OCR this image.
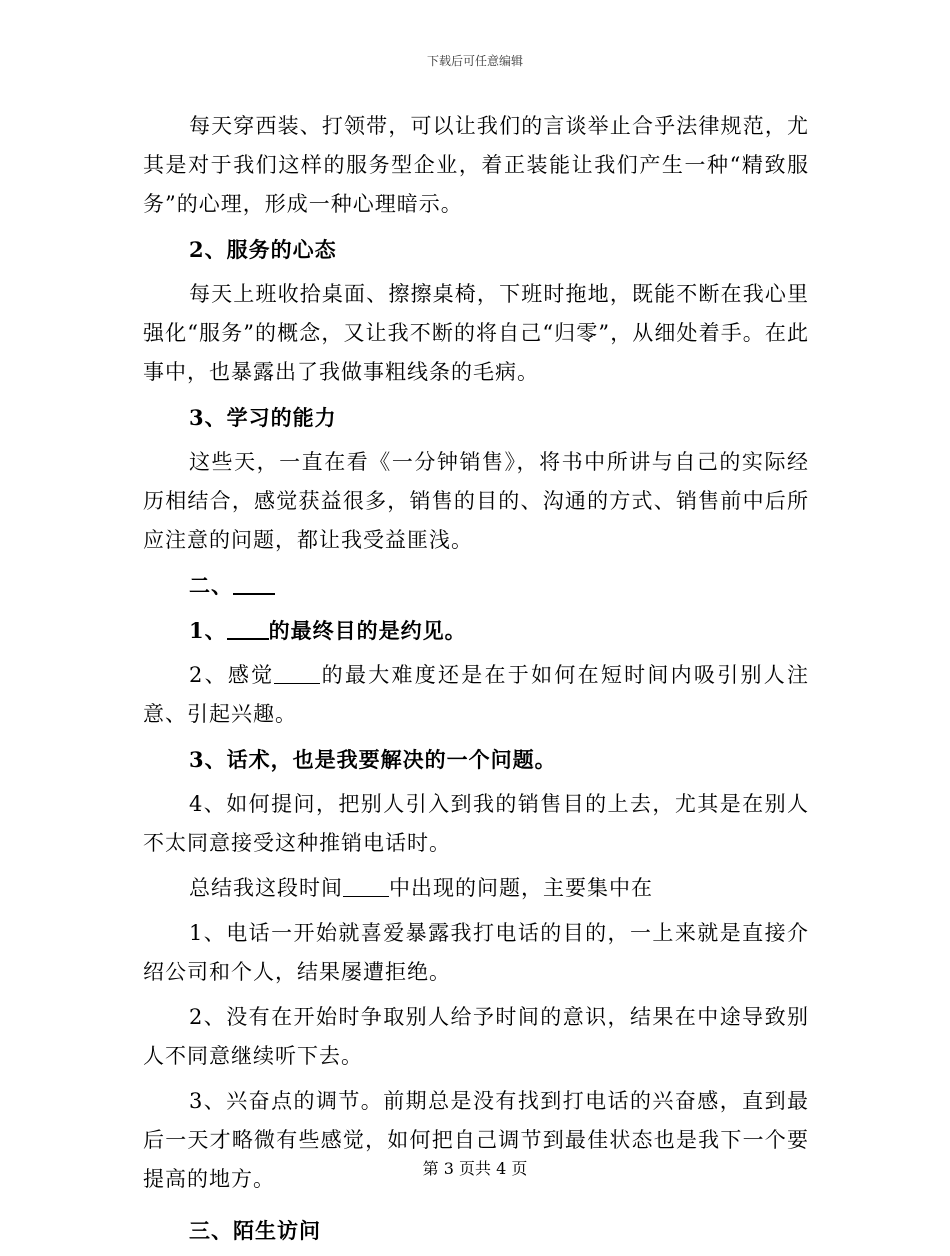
下载后可任意编辑

每天穿西装、打领带，可以让我们的言谈举止合乎法律规范，尤其是对于我们这样的服务型企业，着正装能让我们产生一种“精致服务”的心理，形成一种心理暗示。

2、服务的心态

每天上班收拾桌面、擦擦桌椅，下班时拖地，既能不断在我心里强化“服务”的概念，又让我不断的将自己“归零”，从细处着手。在此事中，也暴露出了我做事粗线条的毛病。

3、学习的能力

这些天，一直在看《一分钟销售》，将书中所讲与自己的实际经历相结合，感觉获益很多，销售的目的、沟通的方式、销售前中后所应注意的问题，都让我受益匪浅。

二、

1、 的最终目的是约见。

2、感觉 的最大难度还是在于如何在短时间内吸引别人注意、引起兴趣。

3、话术，也是我要解决的一个问题。

4、如何提问，把别人引入到我的销售目的上去，尤其是在别人不太同意接受这种推销电话时。

总结我这段时间 中出现的问题，主要集中在

1、电话一开始就喜爱暴露我打电话的目的，一上来就是直接介绍公司和个人，结果屡遭拒绝。

2、没有在开始时争取别人给予时间的意识，结果在中途导致别人不同意继续听下去。

3、兴奋点的调节。前期总是没有找到打电话的兴奋感，直到最后一天才略微有些感觉，如何把自己调节到最佳状态也是我下一个要提高的地方。

三、陌生访问

第 3 页共 4 页
